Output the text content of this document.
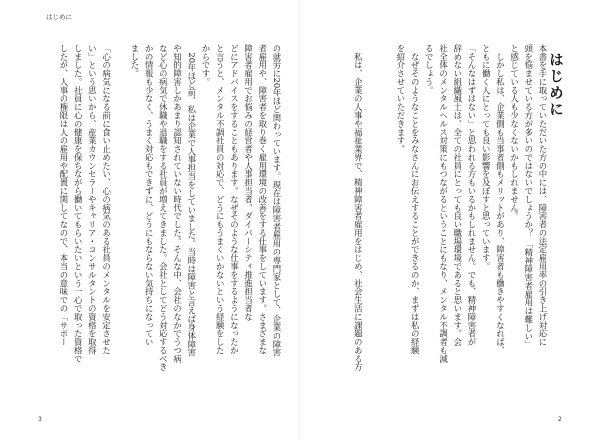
はじめに
の就労に20年ほど関わっています。現在は障害者雇用の専門家として、企業の障害
者雇用や、障害者を取り巻く雇用環境の改善をする仕事をしています。さまざまな
障害者雇用でお悩みの経営者や人事担当者、ダイバーシティ推進担当者な
どにアドバイスをすることもあります。なぜそのような仕事をするようになったか
と言うと、メンタル不調社員の対応で、どうにもうまくいかないという経験をした
からです。
　20年ほど前、私は企業で人事担当をしていました。当時は障害と言えば身体障害
や知的障害しかあまり認知されていない時代でした。そんな中、会社のなかでうつ病
など心の病気で休職や退職をする社員が増えてきました。会社としてどう対応するべき
かの情報も少なく、うまく対応もできずに、どうにもならない気持ちになってい
ました。

「心の病気になる前に食い止めたい、心の病気のある社員のメンタルを安定させた
い」という思いから、産業カウンセラーやキャリア・コンサルタントの資格を取得
しました。社員に心の健康を保ちながら働いてもらいたいという一心で取った資格で
したが、人事の権限は人の雇用や配置に関してなので、本当の意味での「サポー	はじめに
本書を手に取っていただいた方の中には、障害者の法定雇用率の引き上げ対応に
頭を悩ませている方が多いのではないでしょうか？ 「精神障害者雇用は難しい」
と感じている人も少なくないかもしれません。
　しかし私は、企業側も当事者側もメリットがあり、障害者も働きやすくなれば、
ともに働く人にとっても良い影響を及ぼすと思っています。
「そんなはずはない」と思われる方もいるかもしれません。でも、精神障害者が
辞めない組織風土は、全ての社員にとっても良い職場環境であると思います。会
社全体のメンタルヘルス対策にもつながるということにもなり、メンタル不調者も減
るでしょう。
　なぜそのようなことをみなさんにお伝えすることができるのか、まずは私の経験
を紹介させていただきます。

　私は、企業の人事や福祉業界で、精神障害者雇用をはじめ、社会生活に課題のある方
3	2
